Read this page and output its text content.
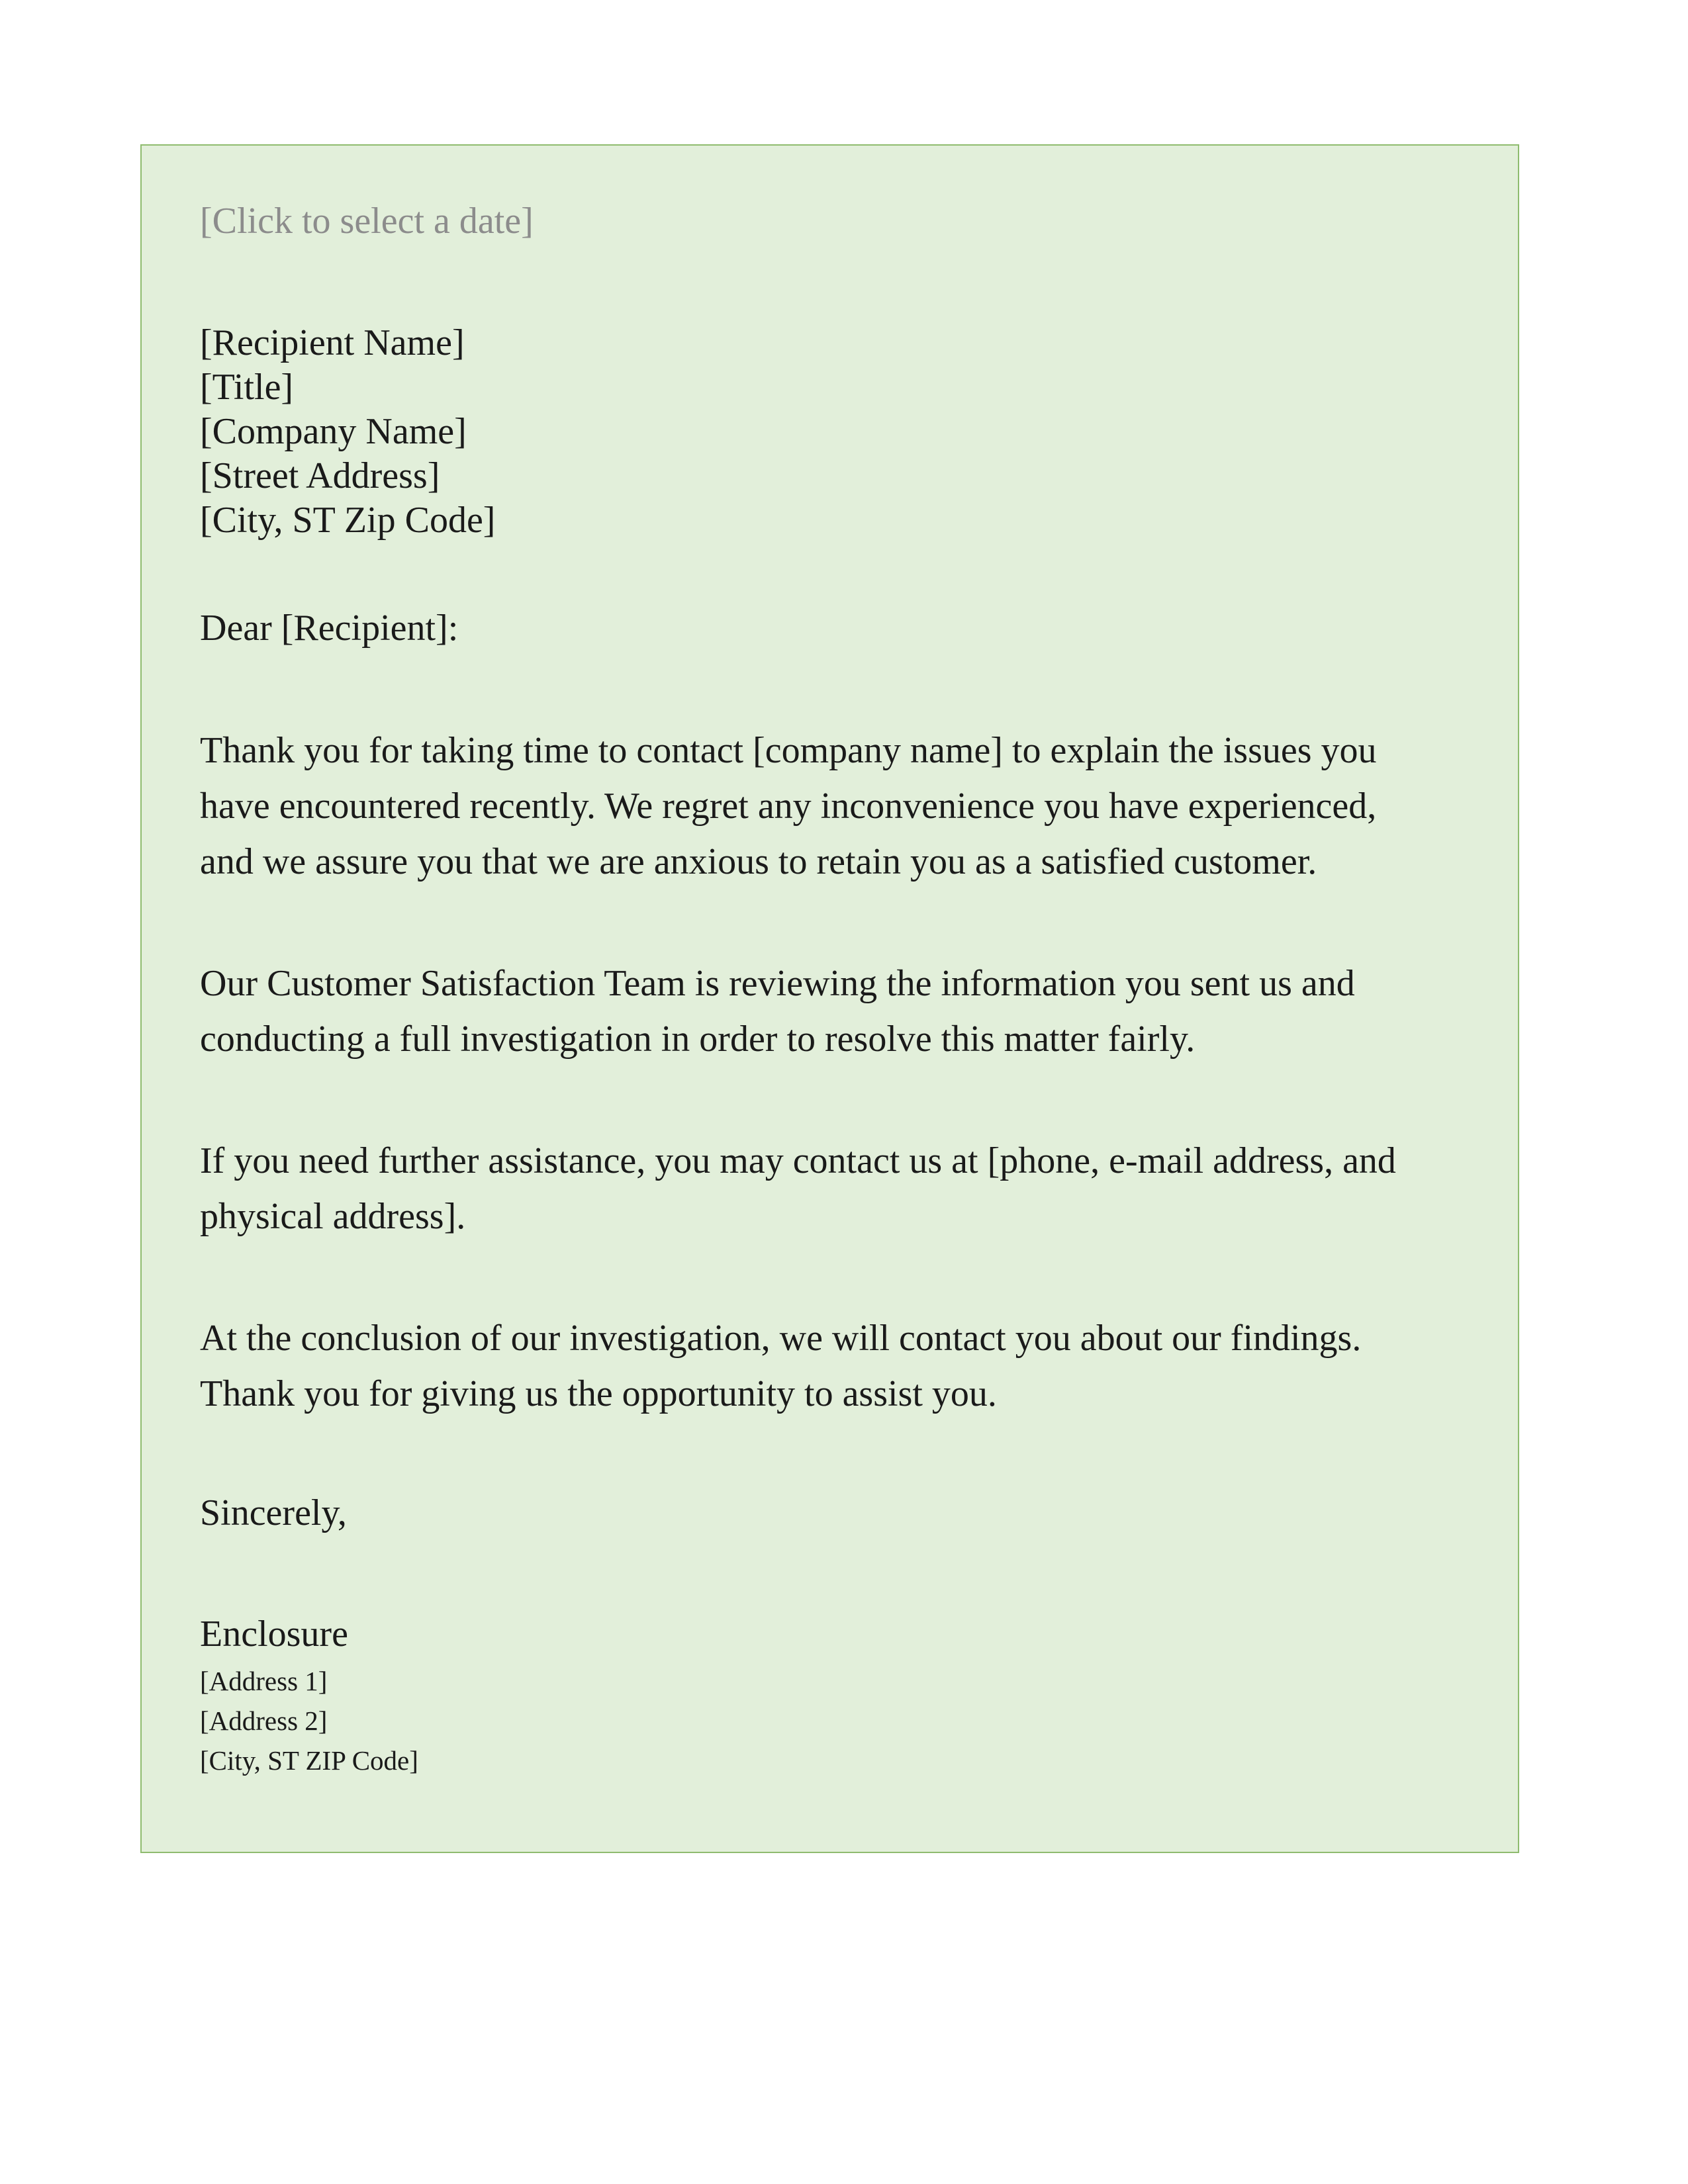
[Click to select a date]
[Recipient Name]
[Title]
[Company Name]
[Street Address]
[City, ST Zip Code]
Dear [Recipient]:
Thank you for taking time to contact [company name] to explain the issues you
have encountered recently. We regret any inconvenience you have experienced,
and we assure you that we are anxious to retain you as a satisfied customer.
Our Customer Satisfaction Team is reviewing the information you sent us and
conducting a full investigation in order to resolve this matter fairly.
If you need further assistance, you may contact us at [phone, e-mail address, and
physical address].
At the conclusion of our investigation, we will contact you about our findings.
Thank you for giving us the opportunity to assist you.
Sincerely,
Enclosure
[Address 1]
[Address 2]
[City, ST ZIP Code]
